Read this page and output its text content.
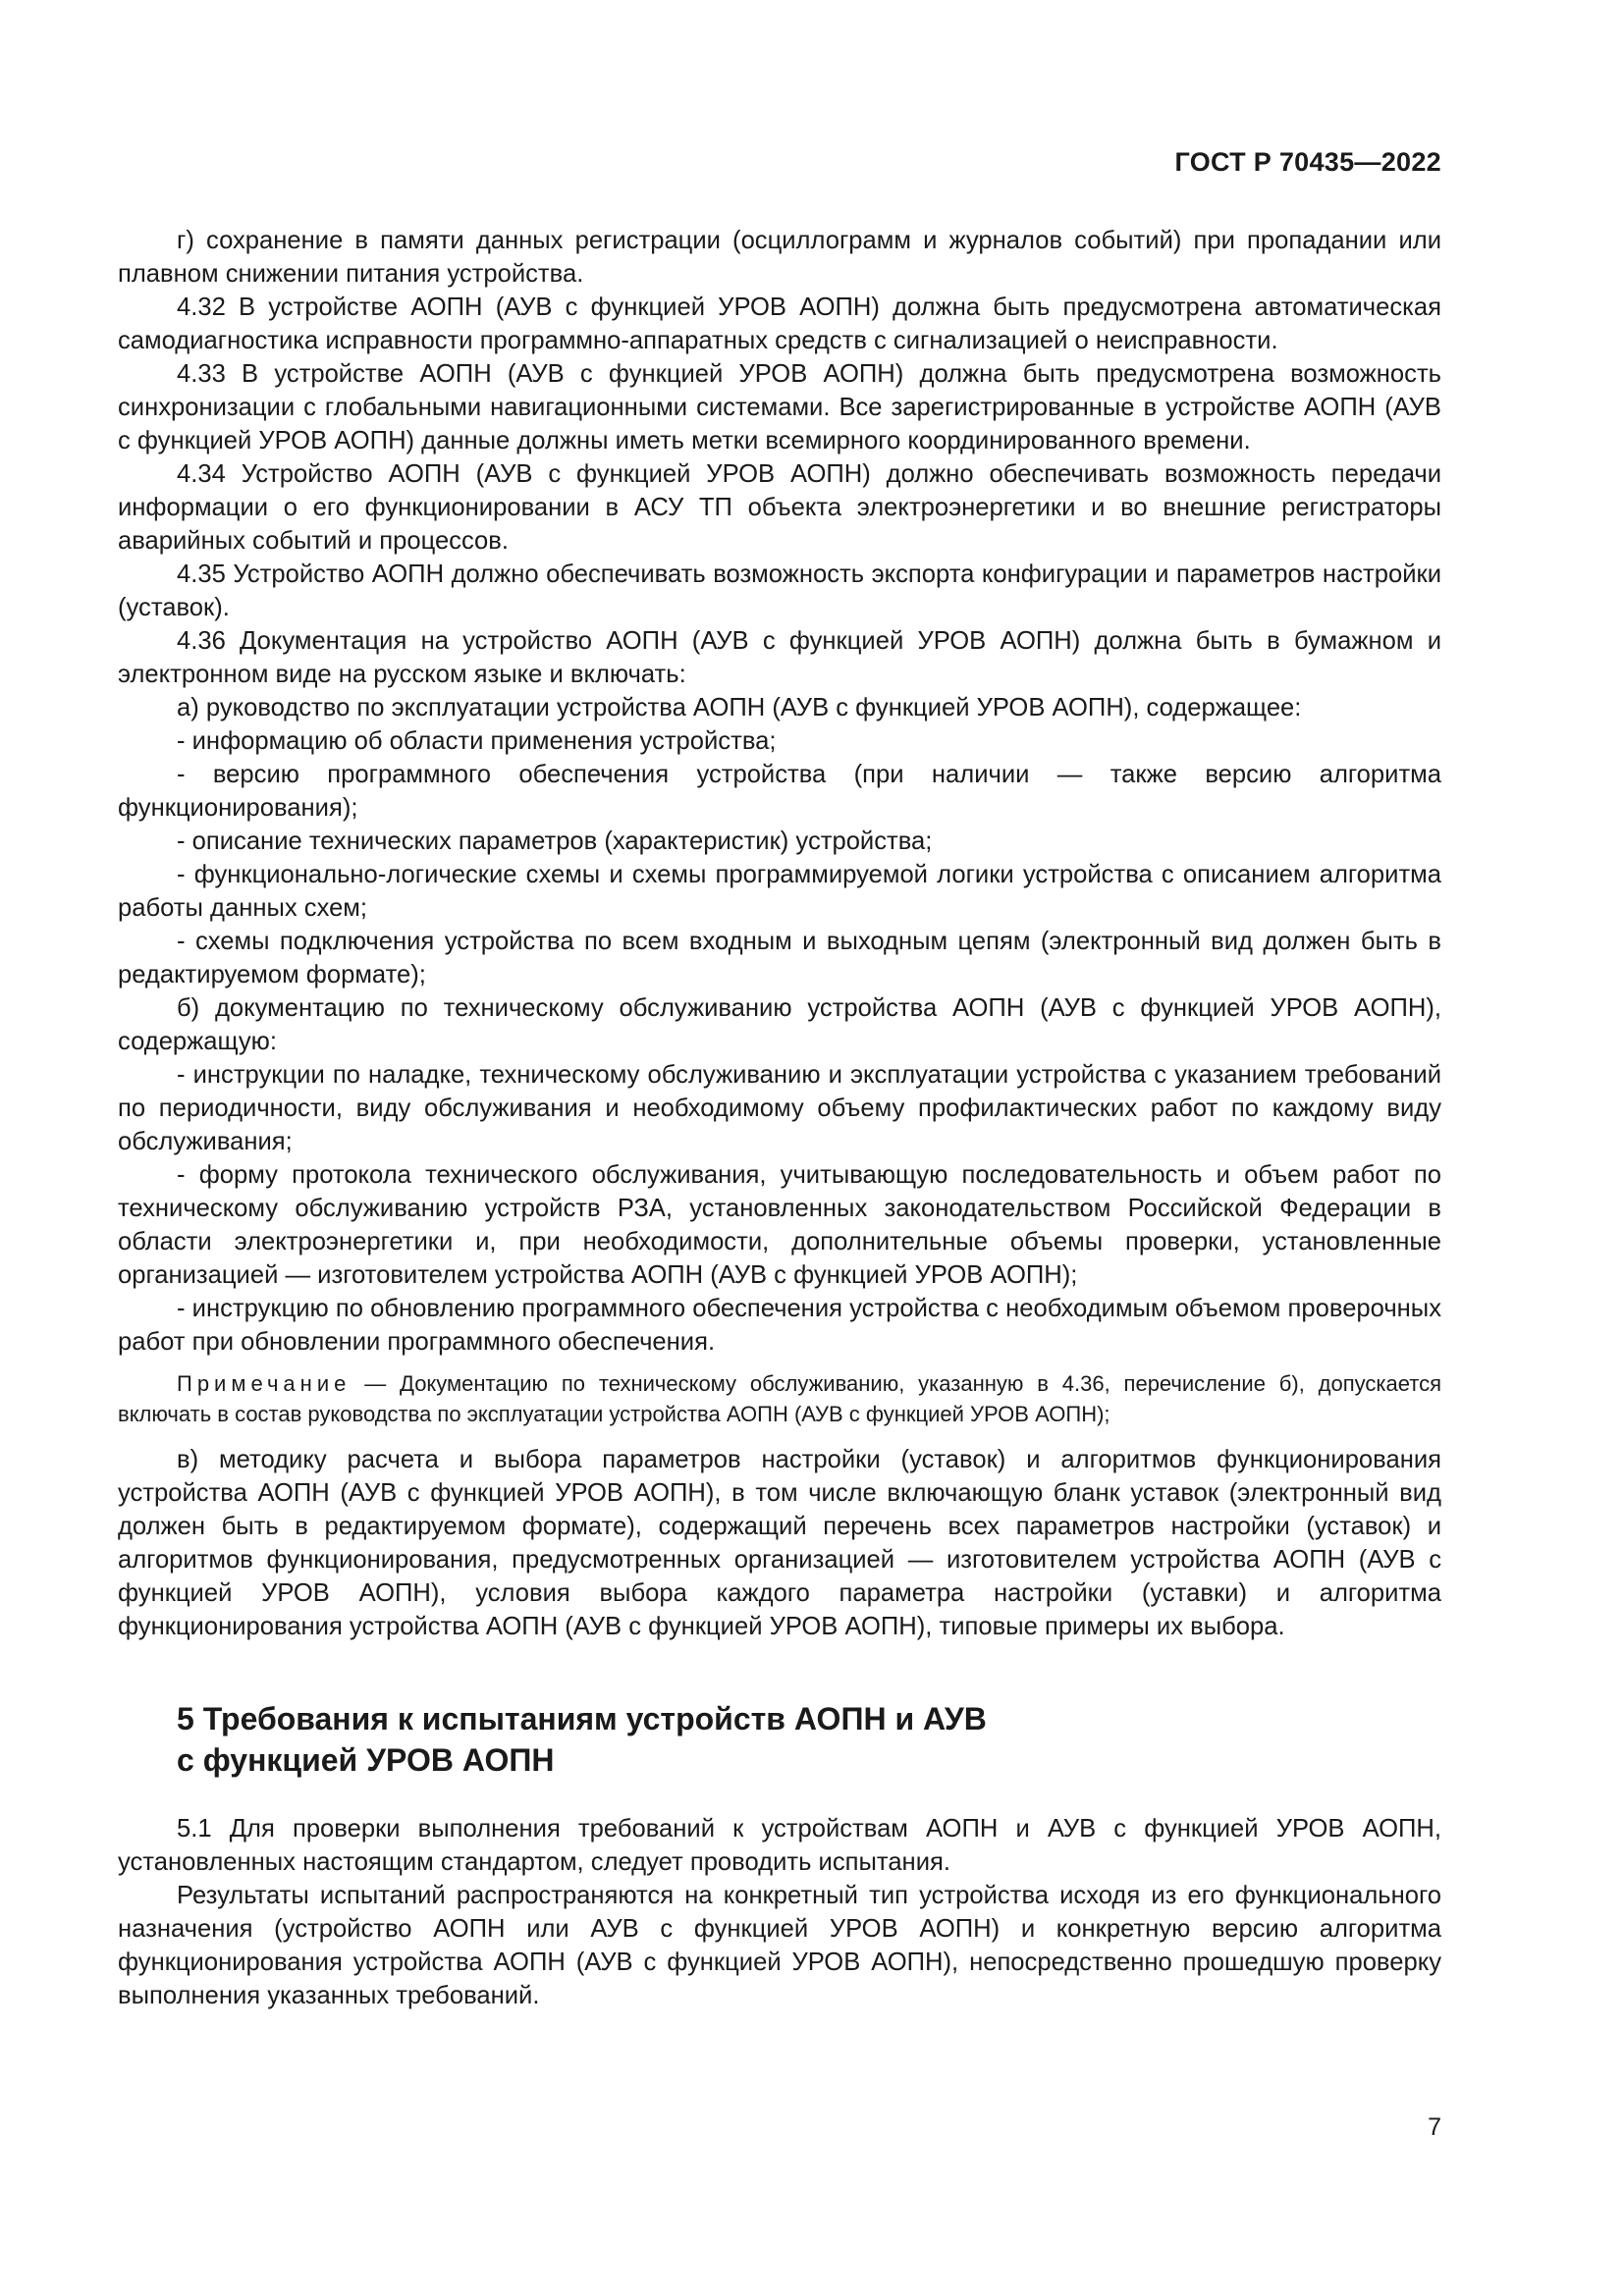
ГОСТ Р 70435—2022

г) сохранение в памяти данных регистрации (осциллограмм и журналов событий) при пропадании или плавном снижении питания устройства.

4.32 В устройстве АОПН (АУВ с функцией УРОВ АОПН) должна быть предусмотрена автоматическая самодиагностика исправности программно-аппаратных средств с сигнализацией о неисправности.

4.33 В устройстве АОПН (АУВ с функцией УРОВ АОПН) должна быть предусмотрена возможность синхронизации с глобальными навигационными системами. Все зарегистрированные в устройстве АОПН (АУВ с функцией УРОВ АОПН) данные должны иметь метки всемирного координированного времени.

4.34 Устройство АОПН (АУВ с функцией УРОВ АОПН) должно обеспечивать возможность передачи информации о его функционировании в АСУ ТП объекта электроэнергетики и во внешние регистраторы аварийных событий и процессов.

4.35 Устройство АОПН должно обеспечивать возможность экспорта конфигурации и параметров настройки (уставок).

4.36 Документация на устройство АОПН (АУВ с функцией УРОВ АОПН) должна быть в бумажном и электронном виде на русском языке и включать:

а) руководство по эксплуатации устройства АОПН (АУВ с функцией УРОВ АОПН), содержащее:

- информацию об области применения устройства;

- версию программного обеспечения устройства (при наличии — также версию алгоритма функционирования);

- описание технических параметров (характеристик) устройства;

- функционально-логические схемы и схемы программируемой логики устройства с описанием алгоритма работы данных схем;

- схемы подключения устройства по всем входным и выходным цепям (электронный вид должен быть в редактируемом формате);

б) документацию по техническому обслуживанию устройства АОПН (АУВ с функцией УРОВ АОПН), содержащую:

- инструкции по наладке, техническому обслуживанию и эксплуатации устройства с указанием требований по периодичности, виду обслуживания и необходимому объему профилактических работ по каждому виду обслуживания;

- форму протокола технического обслуживания, учитывающую последовательность и объем работ по техническому обслуживанию устройств РЗА, установленных законодательством Российской Федерации в области электроэнергетики и, при необходимости, дополнительные объемы проверки, установленные организацией — изготовителем устройства АОПН (АУВ с функцией УРОВ АОПН);

- инструкцию по обновлению программного обеспечения устройства с необходимым объемом проверочных работ при обновлении программного обеспечения.

Примечание — Документацию по техническому обслуживанию, указанную в 4.36, перечисление б), допускается включать в состав руководства по эксплуатации устройства АОПН (АУВ с функцией УРОВ АОПН);

в) методику расчета и выбора параметров настройки (уставок) и алгоритмов функционирования устройства АОПН (АУВ с функцией УРОВ АОПН), в том числе включающую бланк уставок (электронный вид должен быть в редактируемом формате), содержащий перечень всех параметров настройки (уставок) и алгоритмов функционирования, предусмотренных организацией — изготовителем устройства АОПН (АУВ с функцией УРОВ АОПН), условия выбора каждого параметра настройки (уставки) и алгоритма функционирования устройства АОПН (АУВ с функцией УРОВ АОПН), типовые примеры их выбора.

5 Требования к испытаниям устройств АОПН и АУВ
с функцией УРОВ АОПН

5.1 Для проверки выполнения требований к устройствам АОПН и АУВ с функцией УРОВ АОПН, установленных настоящим стандартом, следует проводить испытания.

Результаты испытаний распространяются на конкретный тип устройства исходя из его функционального назначения (устройство АОПН или АУВ с функцией УРОВ АОПН) и конкретную версию алгоритма функционирования устройства АОПН (АУВ с функцией УРОВ АОПН), непосредственно прошедшую проверку выполнения указанных требований.

7
